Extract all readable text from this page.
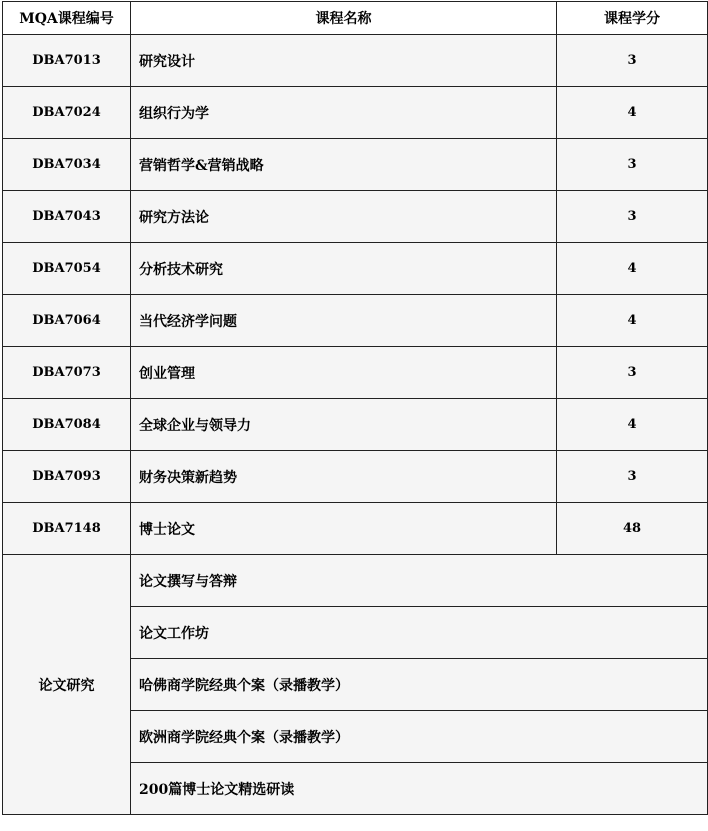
MQA课程编号	课程名称	课程学分
DBA7013	研究设计	3
DBA7024	组织行为学	4
DBA7034	营销哲学&营销战略	3
DBA7043	研究方法论	3
DBA7054	分析技术研究	4
DBA7064	当代经济学问题	4
DBA7073	创业管理	3
DBA7084	全球企业与领导力	4
DBA7093	财务决策新趋势	3
DBA7148	博士论文	48
论文研究	论文撰写与答辩	
	论文工作坊	
	哈佛商学院经典个案（录播教学）	
	欧洲商学院经典个案（录播教学）	
	200篇博士论文精选研读	
